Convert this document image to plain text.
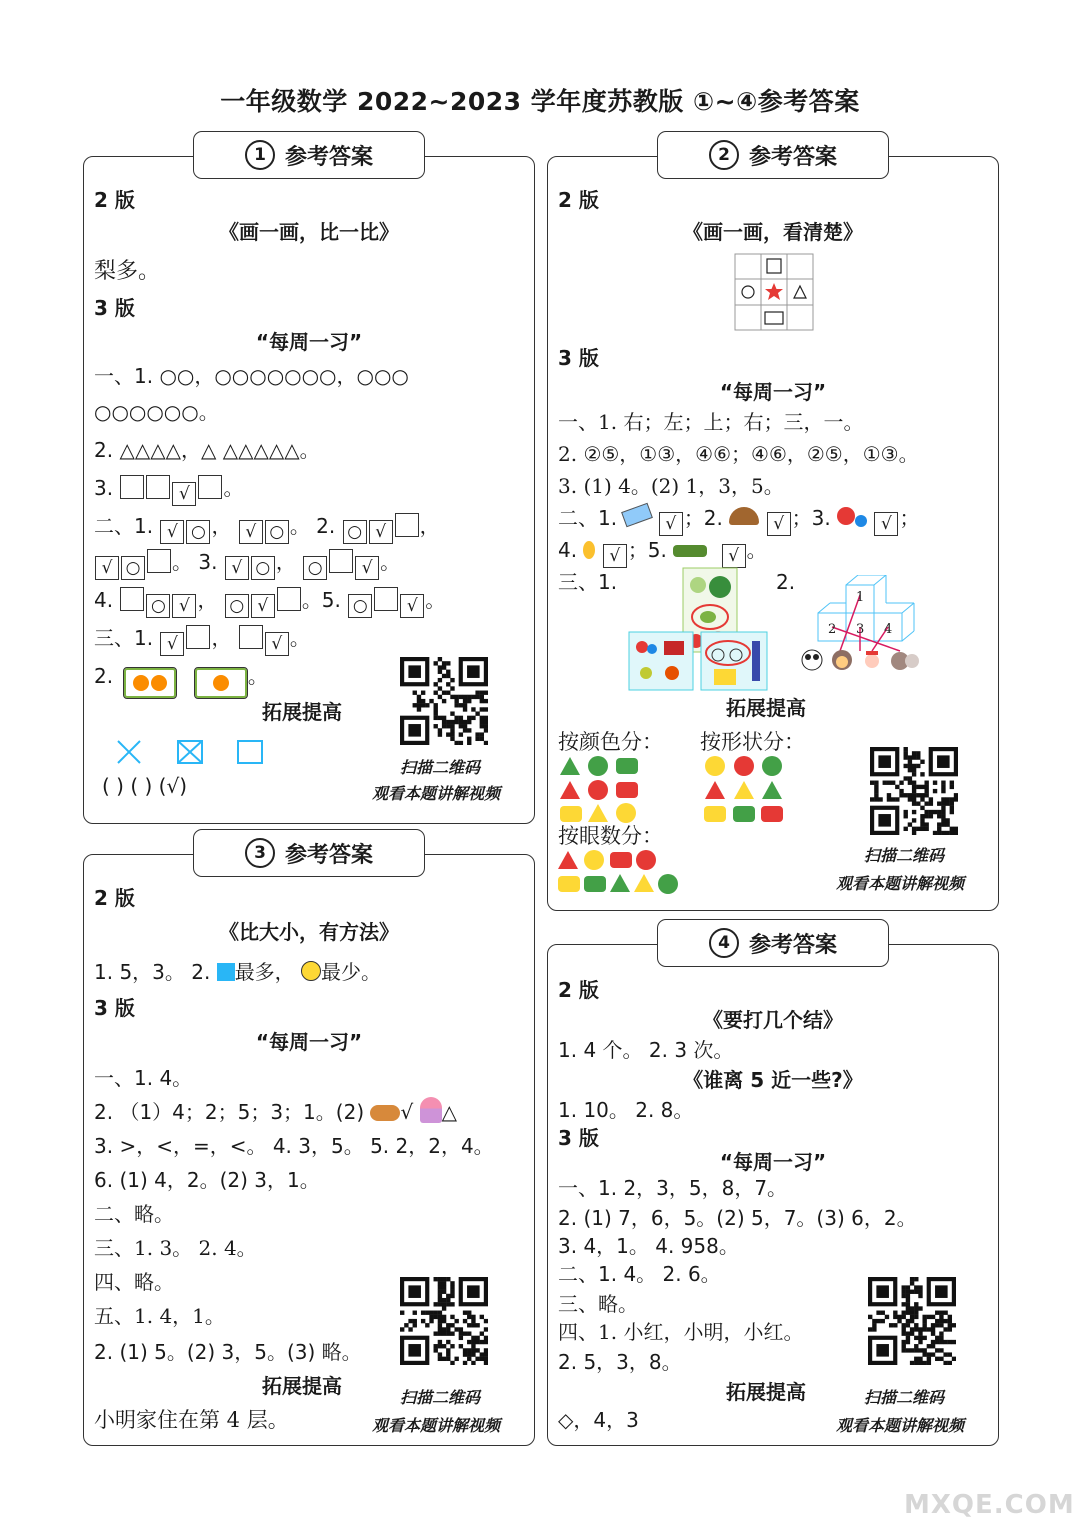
一年级数学 2022~2023 学年度苏教版 ①~④参考答案
2 版
《画一画，比一比》
梨多。
3 版
“每周一习”
一、1. ○○，○○○○○○○，○○○
○○○○○○。
2. △△△△，△ △△△△△。
3.	√ 。
二、1. √ ○ ， √ ○ 。 2. ○ √ ，
√ ○ 。 3. √ ○ ， ○ √ 。
4. ○ √ ， ○ √ 。5. ○ √ 。
三、1. √ ， √ 。
2.	。
拓展提高
( ) ( ) (√)
扫描二维码
观看本题讲解视频
1 参考答案
2 版
《画一画，看清楚》
3 版
“每周一习”
一、1. 右；左；上；右；三，一。
2. ②⑤，①③，④⑥；④⑥，②⑤，①③。
3. (1) 4。(2) 1，3，5。
二、1.	√ ；2.	√ ；3.	√ ；
4. √ ；5.	√ 。
三、1.	2.
1
2 3 4
拓展提高
按颜色分： 按形状分：
按眼数分：
扫描二维码
观看本题讲解视频
2 参考答案
2 版
《比大小，有方法》
1. 5，3。 2. 最多， 最少。
3 版
“每周一习”
一、1. 4。
2. （1）4；2；5；3；1。(2) √ △
3. >，<，=，<。 4. 3，5。 5. 2，2，4。
6. (1) 4，2。(2) 3，1。
二、略。
三、1. 3。 2. 4。
四、略。
五、1. 4，1。
2. (1) 5。(2) 3，5。(3) 略。
拓展提高
小明家住在第 4 层。
扫描二维码
观看本题讲解视频
3 参考答案
2 版
《要打几个结》
1. 4 个。 2. 3 次。
《谁离 5 近一些?》
1. 10。 2. 8。
3 版
“每周一习”
一、1. 2，3，5，8，7。
2. (1) 7，6，5。(2) 5，7。(3) 6，2。
3. 4，1。 4. 958。
二、1. 4。 2. 6。
三、略。
四、1. 小红，小明，小红。
2. 5，3，8。
拓展提高
◇，4，3
扫描二维码
观看本题讲解视频
4 参考答案
MXQE.COM
